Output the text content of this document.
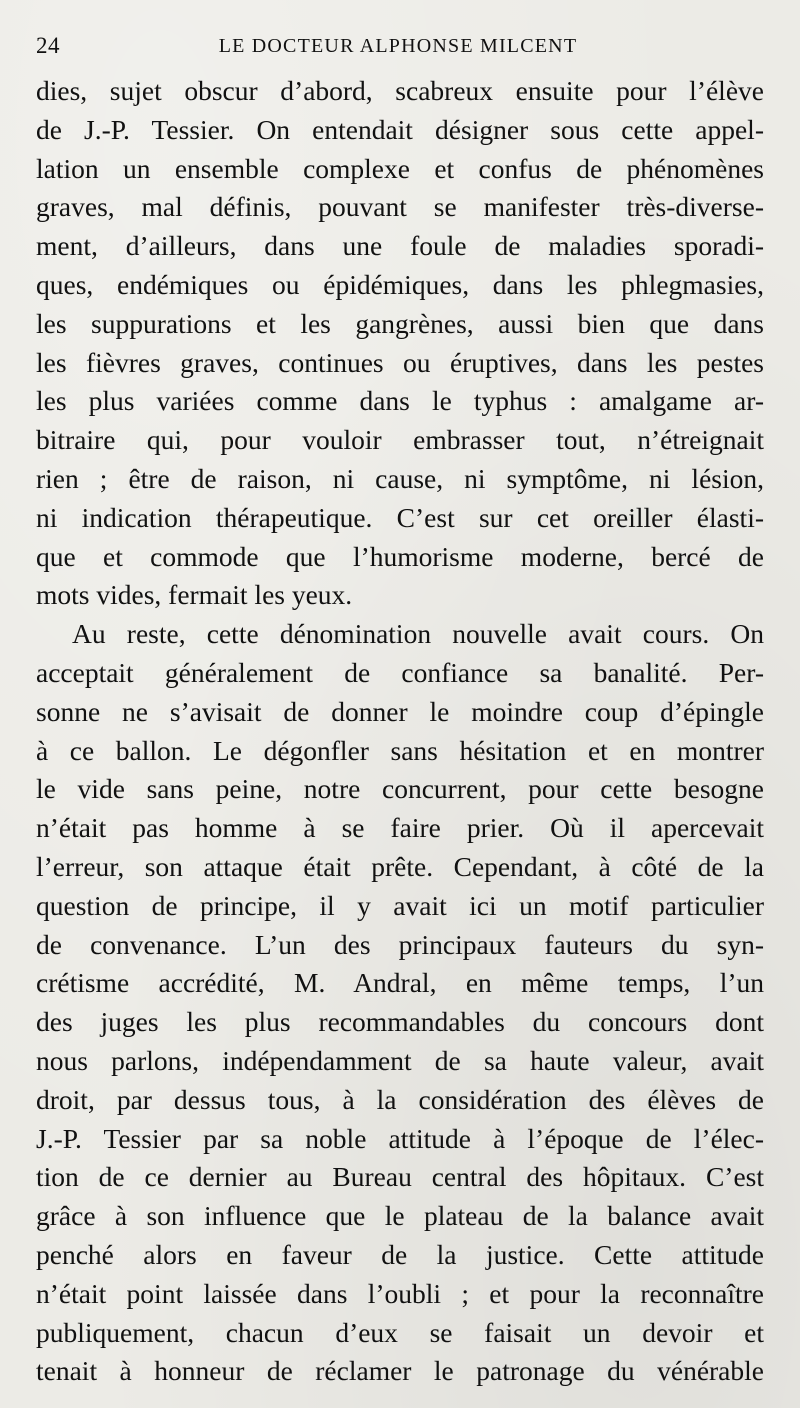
24	LE DOCTEUR ALPHONSE MILCENT
dies, sujet obscur d’abord, scabreux ensuite pour l’élève
de J.-P. Tessier. On entendait désigner sous cette appel-
lation un ensemble complexe et confus de phénomènes
graves, mal définis, pouvant se manifester très-diverse-
ment, d’ailleurs, dans une foule de maladies sporadi-
ques, endémiques ou épidémiques, dans les phlegmasies,
les suppurations et les gangrènes, aussi bien que dans
les fièvres graves, continues ou éruptives, dans les pestes
les plus variées comme dans le typhus : amalgame ar-
bitraire qui, pour vouloir embrasser tout, n’étreignait
rien ; être de raison, ni cause, ni symptôme, ni lésion,
ni indication thérapeutique. C’est sur cet oreiller élasti-
que et commode que l’humorisme moderne, bercé de
mots vides, fermait les yeux.
Au reste, cette dénomination nouvelle avait cours. On
acceptait généralement de confiance sa banalité. Per-
sonne ne s’avisait de donner le moindre coup d’épingle
à ce ballon. Le dégonfler sans hésitation et en montrer
le vide sans peine, notre concurrent, pour cette besogne
n’était pas homme à se faire prier. Où il apercevait
l’erreur, son attaque était prête. Cependant, à côté de la
question de principe, il y avait ici un motif particulier
de convenance. L’un des principaux fauteurs du syn-
crétisme accrédité, M. Andral, en même temps, l’un
des juges les plus recommandables du concours dont
nous parlons, indépendamment de sa haute valeur, avait
droit, par dessus tous, à la considération des élèves de
J.-P. Tessier par sa noble attitude à l’époque de l’élec-
tion de ce dernier au Bureau central des hôpitaux. C’est
grâce à son influence que le plateau de la balance avait
penché alors en faveur de la justice. Cette attitude
n’était point laissée dans l’oubli ; et pour la reconnaître
publiquement, chacun d’eux se faisait un devoir et
tenait à honneur de réclamer le patronage du vénérable
